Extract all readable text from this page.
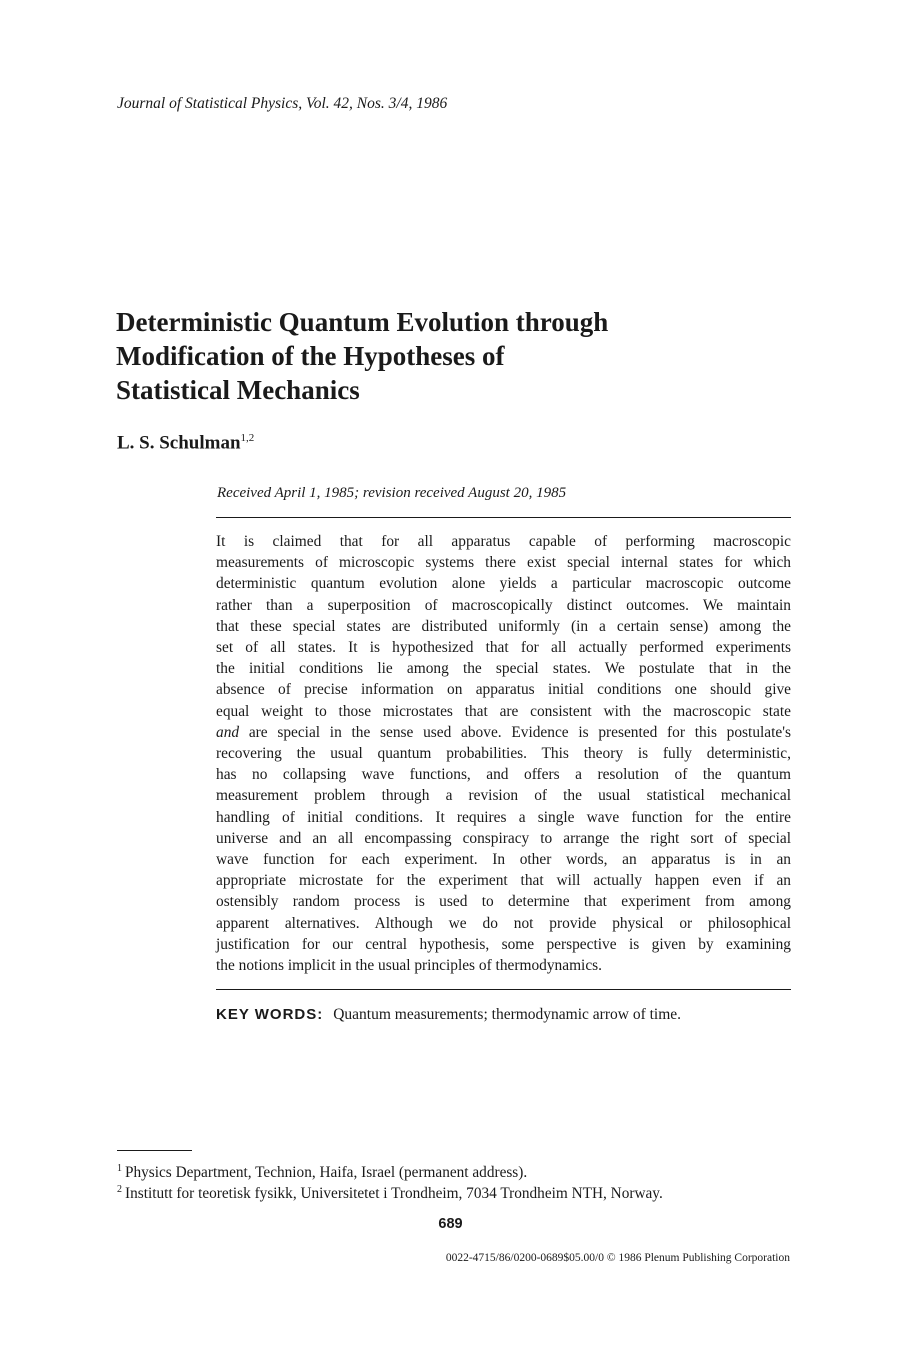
Journal of Statistical Physics, Vol. 42, Nos. 3/4, 1986
Deterministic Quantum Evolution through
Modification of the Hypotheses of
Statistical Mechanics
L. S. Schulman$^{1,2}$
Received April 1, 1985; revision received August 20, 1985

It is claimed that for all apparatus capable of performing macroscopic
measurements of microscopic systems there exist special internal states for which
deterministic quantum evolution alone yields a particular macroscopic outcome
rather than a superposition of macroscopically distinct outcomes. We maintain
that these special states are distributed uniformly (in a certain sense) among the
set of all states. It is hypothesized that for all actually performed experiments
the initial conditions lie among the special states. We postulate that in the
absence of precise information on apparatus initial conditions one should give
equal weight to those microstates that are consistent with the macroscopic state
and are special in the sense used above. Evidence is presented for this postulate's
recovering the usual quantum probabilities. This theory is fully deterministic,
has no collapsing wave functions, and offers a resolution of the quantum
measurement problem through a revision of the usual statistical mechanical
handling of initial conditions. It requires a single wave function for the entire
universe and an all encompassing conspiracy to arrange the right sort of special
wave function for each experiment. In other words, an apparatus is in an
appropriate microstate for the experiment that will actually happen even if an
ostensibly random process is used to determine that experiment from among
apparent alternatives. Although we do not provide physical or philosophical
justification for our central hypothesis, some perspective is given by examining
the notions implicit in the usual principles of thermodynamics.

KEY WORDS: Quantum measurements; thermodynamic arrow of time.
$^1$ Physics Department, Technion, Haifa, Israel (permanent address).
$^2$ Institutt for teoretisk fysikk, Universitetet i Trondheim, 7034 Trondheim NTH, Norway.
689
0022-4715/86/0200-0689$05.00/0 © 1986 Plenum Publishing Corporation
